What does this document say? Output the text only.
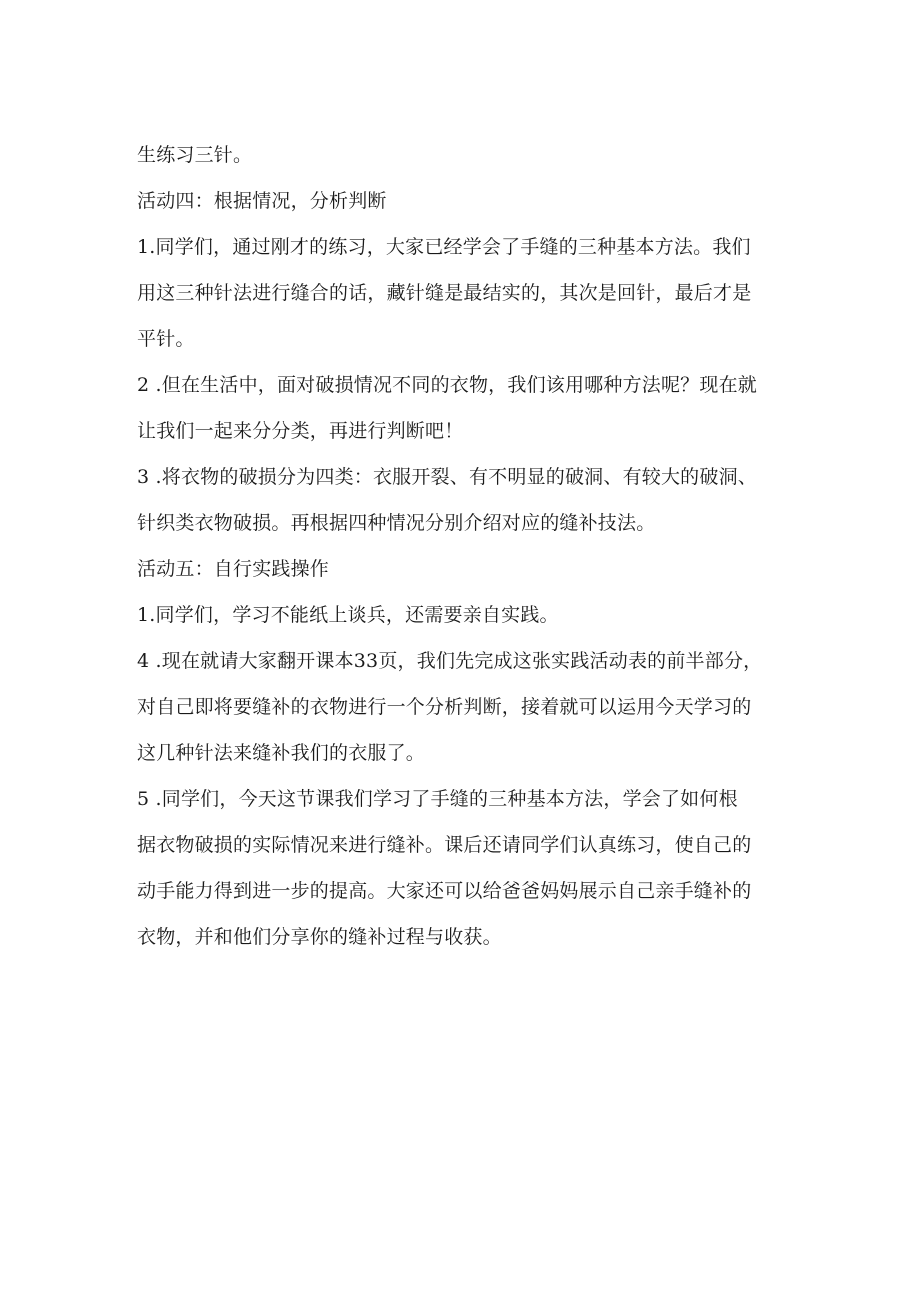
生练习三针。
活动四：根据情况，分析判断
1.同学们，通过刚才的练习，大家已经学会了手缝的三种基本方法。我们
用这三种针法进行缝合的话，藏针缝是最结实的，其次是回针，最后才是
平针。
2 .但在生活中，面对破损情况不同的衣物，我们该用哪种方法呢？现在就
让我们一起来分分类，再进行判断吧！
3 .将衣物的破损分为四类：衣服开裂、有不明显的破洞、有较大的破洞、
针织类衣物破损。再根据四种情况分别介绍对应的缝补技法。
活动五：自行实践操作
1.同学们，学习不能纸上谈兵，还需要亲自实践。
4 .现在就请大家翻开课本33页，我们先完成这张实践活动表的前半部分，
对自己即将要缝补的衣物进行一个分析判断，接着就可以运用今天学习的
这几种针法来缝补我们的衣服了。
5 .同学们，今天这节课我们学习了手缝的三种基本方法，学会了如何根
据衣物破损的实际情况来进行缝补。课后还请同学们认真练习，使自己的
动手能力得到进一步的提高。大家还可以给爸爸妈妈展示自己亲手缝补的
衣物，并和他们分享你的缝补过程与收获。
